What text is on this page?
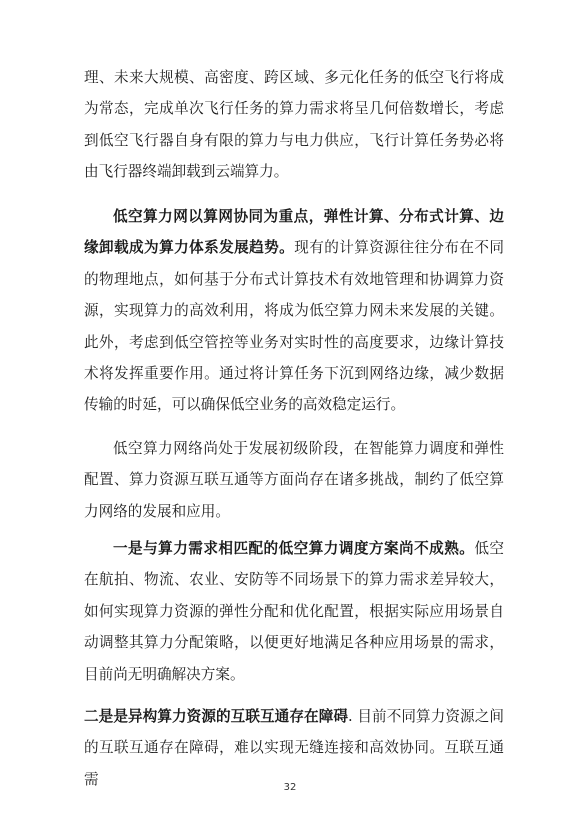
理、未来大规模、高密度、跨区域、多元化任务的低空飞行将成为常态，完成单次飞行任务的算力需求将呈几何倍数增长，考虑到低空飞行器自身有限的算力与电力供应，飞行计算任务势必将由飞行器终端卸载到云端算力。

低空算力网以算网协同为重点，弹性计算、分布式计算、边缘卸载成为算力体系发展趋势。现有的计算资源往往分布在不同的物理地点，如何基于分布式计算技术有效地管理和协调算力资源，实现算力的高效利用，将成为低空算力网未来发展的关键。此外，考虑到低空管控等业务对实时性的高度要求，边缘计算技术将发挥重要作用。通过将计算任务下沉到网络边缘，减少数据传输的时延，可以确保低空业务的高效稳定运行。

低空算力网络尚处于发展初级阶段，在智能算力调度和弹性配置、算力资源互联互通等方面尚存在诸多挑战，制约了低空算力网络的发展和应用。

一是与算力需求相匹配的低空算力调度方案尚不成熟。低空在航拍、物流、农业、安防等不同场景下的算力需求差异较大，如何实现算力资源的弹性分配和优化配置，根据实际应用场景自动调整其算力分配策略，以便更好地满足各种应用场景的需求，目前尚无明确解决方案。

二是是异构算力资源的互联互通存在障碍. 目前不同算力资源之间的互联互通存在障碍，难以实现无缝连接和高效协同。互联互通需	32
